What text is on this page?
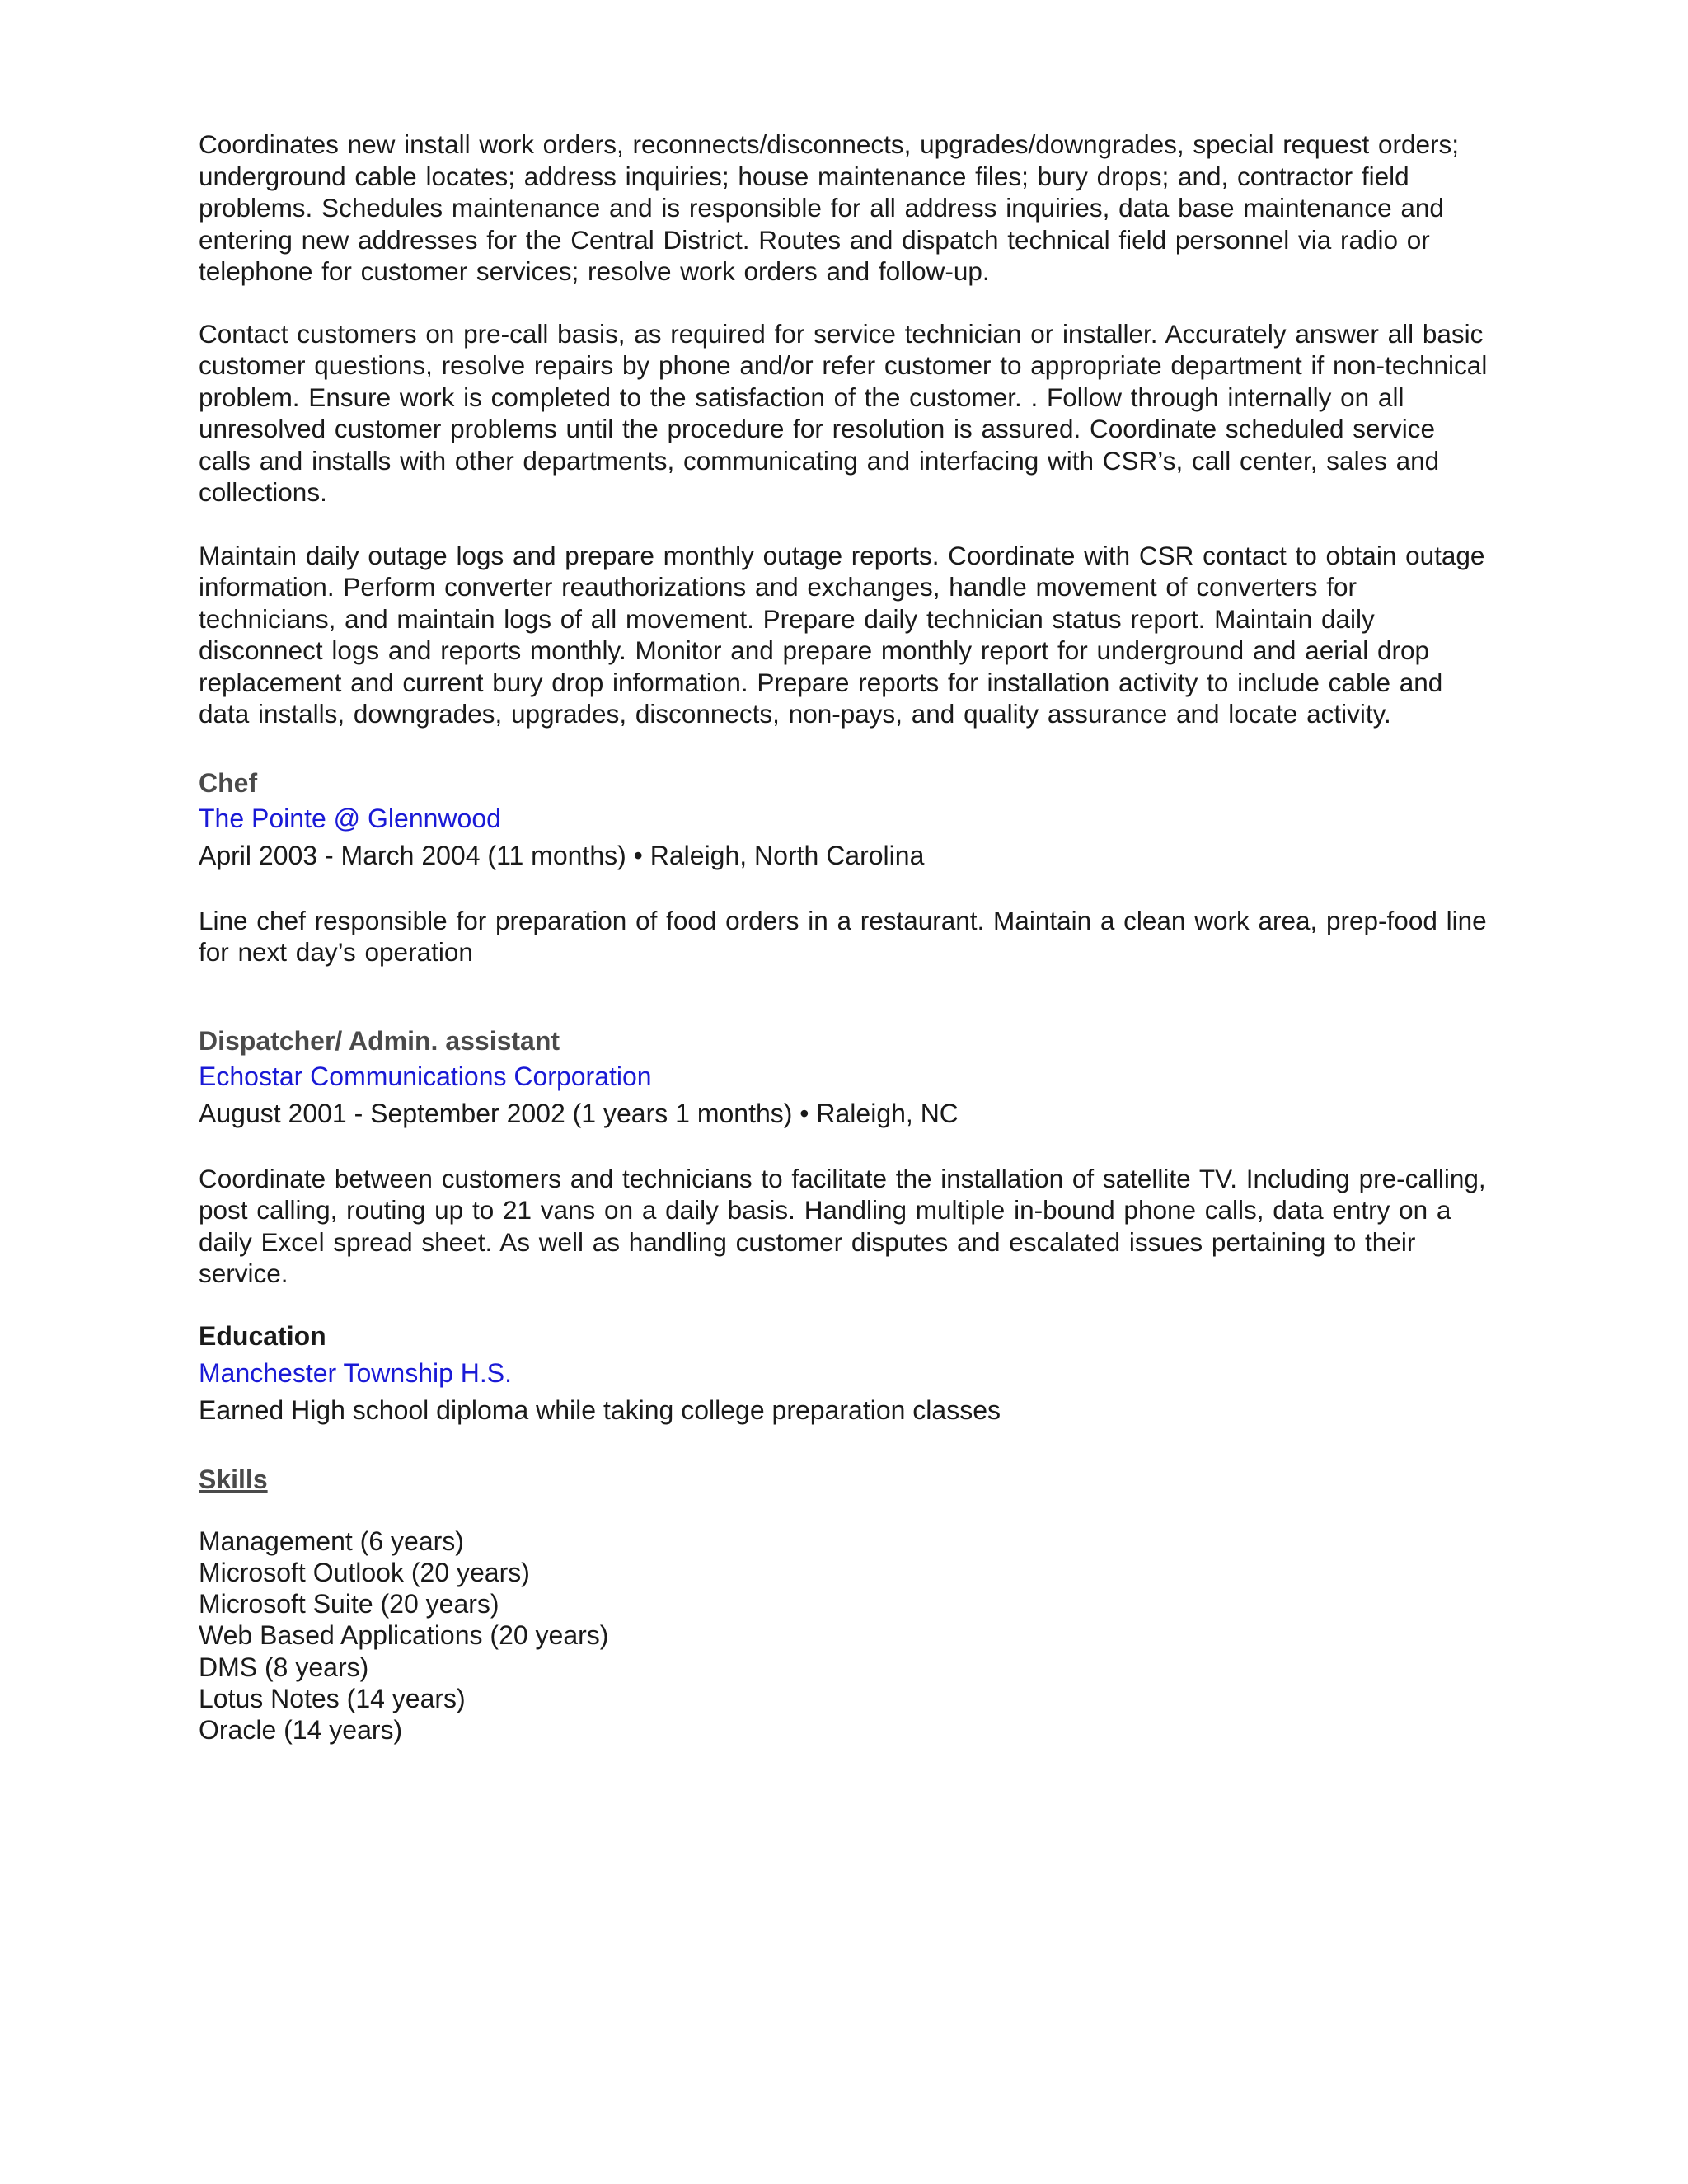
Coordinates new install work orders, reconnects/disconnects, upgrades/downgrades, special request orders; underground cable locates; address inquiries; house maintenance files; bury drops; and, contractor field problems. Schedules maintenance and is responsible for all address inquiries, data base maintenance and entering new addresses for the Central District. Routes and dispatch technical field personnel via radio or telephone for customer services; resolve work orders and follow-up.

Contact customers on pre-call basis, as required for service technician or installer. Accurately answer all basic customer questions, resolve repairs by phone and/or refer customer to appropriate department if non-technical problem. Ensure work is completed to the satisfaction of the customer. . Follow through internally on all unresolved customer problems until the procedure for resolution is assured. Coordinate scheduled service calls and installs with other departments, communicating and interfacing with CSR’s, call center, sales and collections.

Maintain daily outage logs and prepare monthly outage reports. Coordinate with CSR contact to obtain outage information. Perform converter reauthorizations and exchanges, handle movement of converters for technicians, and maintain logs of all movement. Prepare daily technician status report. Maintain daily disconnect logs and reports monthly. Monitor and prepare monthly report for underground and aerial drop replacement and current bury drop information. Prepare reports for installation activity to include cable and data installs, downgrades, upgrades, disconnects, non-pays, and quality assurance and locate activity.

Chef

The Pointe @ Glennwood

April 2003 - March 2004 (11 months) • Raleigh, North Carolina

Line chef responsible for preparation of food orders in a restaurant. Maintain a clean work area, prep-food line for next day’s operation

Dispatcher/ Admin. assistant

Echostar Communications Corporation

August 2001 - September 2002 (1 years 1 months) • Raleigh, NC

Coordinate between customers and technicians to facilitate the installation of satellite TV. Including pre-calling, post calling, routing up to 21 vans on a daily basis. Handling multiple in-bound phone calls, data entry on a daily Excel spread sheet. As well as handling customer disputes and escalated issues pertaining to their service.

Education

Manchester Township H.S.

Earned High school diploma while taking college preparation classes

Skills

Management (6 years)
Microsoft Outlook (20 years)
Microsoft Suite (20 years)
Web Based Applications (20 years)
DMS (8 years)
Lotus Notes (14 years)
Oracle (14 years)
